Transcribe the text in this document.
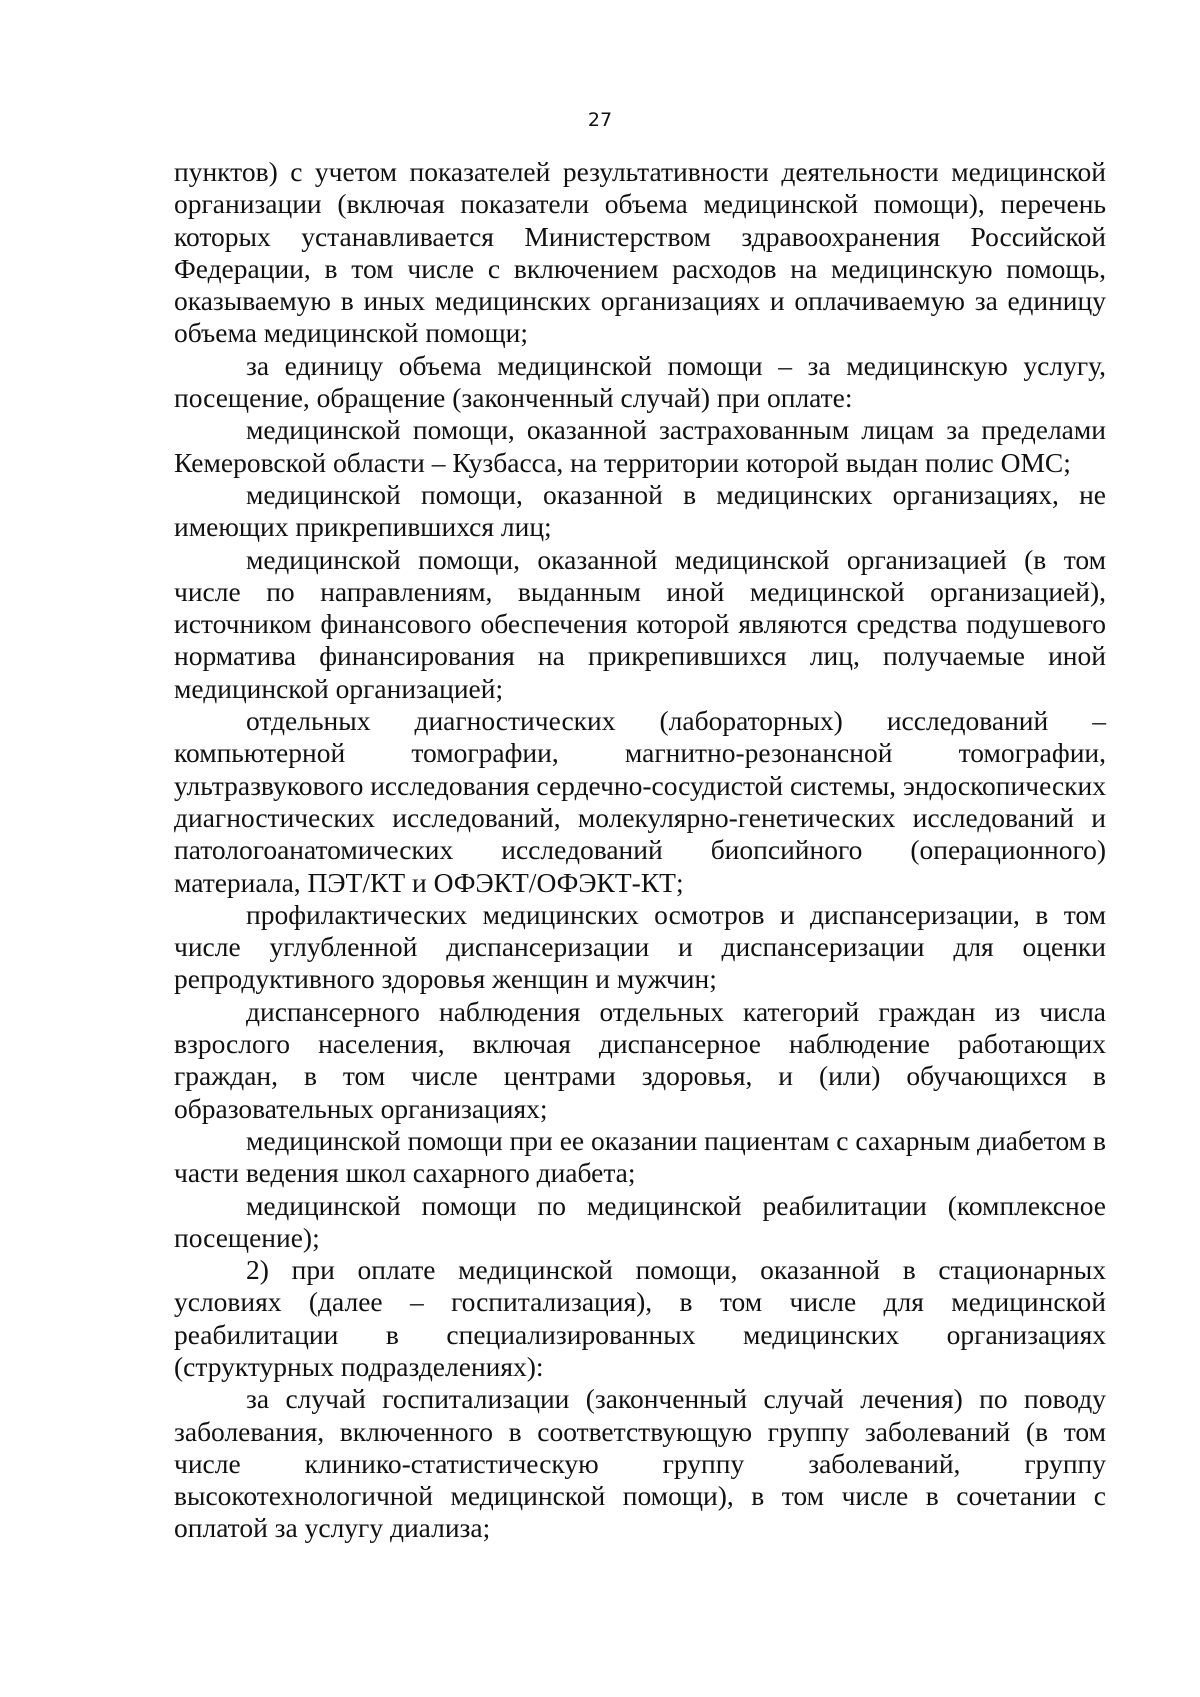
27

пунктов) с учетом показателей результативности деятельности медицинской организации (включая показатели объема медицинской помощи), перечень которых устанавливается Министерством здравоохранения Российской Федерации, в том числе с включением расходов на медицинскую помощь, оказываемую в иных медицинских организациях и оплачиваемую за единицу объема медицинской помощи;

за единицу объема медицинской помощи – за медицинскую услугу, посещение, обращение (законченный случай) при оплате:

медицинской помощи, оказанной застрахованным лицам за пределами Кемеровской области – Кузбасса, на территории которой выдан полис ОМС;

медицинской помощи, оказанной в медицинских организациях, не имеющих прикрепившихся лиц;

медицинской помощи, оказанной медицинской организацией (в том числе по направлениям, выданным иной медицинской организацией), источником финансового обеспечения которой являются средства подушевого норматива финансирования на прикрепившихся лиц, получаемые иной медицинской организацией;

отдельных диагностических (лабораторных) исследований – компьютерной томографии, магнитно-резонансной томографии, ультразвукового исследования сердечно-сосудистой системы, эндоскопических диагностических исследований, молекулярно-генетических исследований и патологоанатомических исследований биопсийного (операционного) материала, ПЭТ/КТ и ОФЭКТ/ОФЭКТ-КТ;

профилактических медицинских осмотров и диспансеризации, в том числе углубленной диспансеризации и диспансеризации для оценки репродуктивного здоровья женщин и мужчин;

диспансерного наблюдения отдельных категорий граждан из числа взрослого населения, включая диспансерное наблюдение работающих граждан, в том числе центрами здоровья, и (или) обучающихся в образовательных организациях;

медицинской помощи при ее оказании пациентам с сахарным диабетом в части ведения школ сахарного диабета;

медицинской помощи по медицинской реабилитации (комплексное посещение);

2) при оплате медицинской помощи, оказанной в стационарных условиях (далее – госпитализация), в том числе для медицинской реабилитации в специализированных медицинских организациях (структурных подразделениях):

за случай госпитализации (законченный случай лечения) по поводу заболевания, включенного в соответствующую группу заболеваний (в том числе клинико-статистическую группу заболеваний, группу высокотехнологичной медицинской помощи), в том числе в сочетании с оплатой за услугу диализа;
